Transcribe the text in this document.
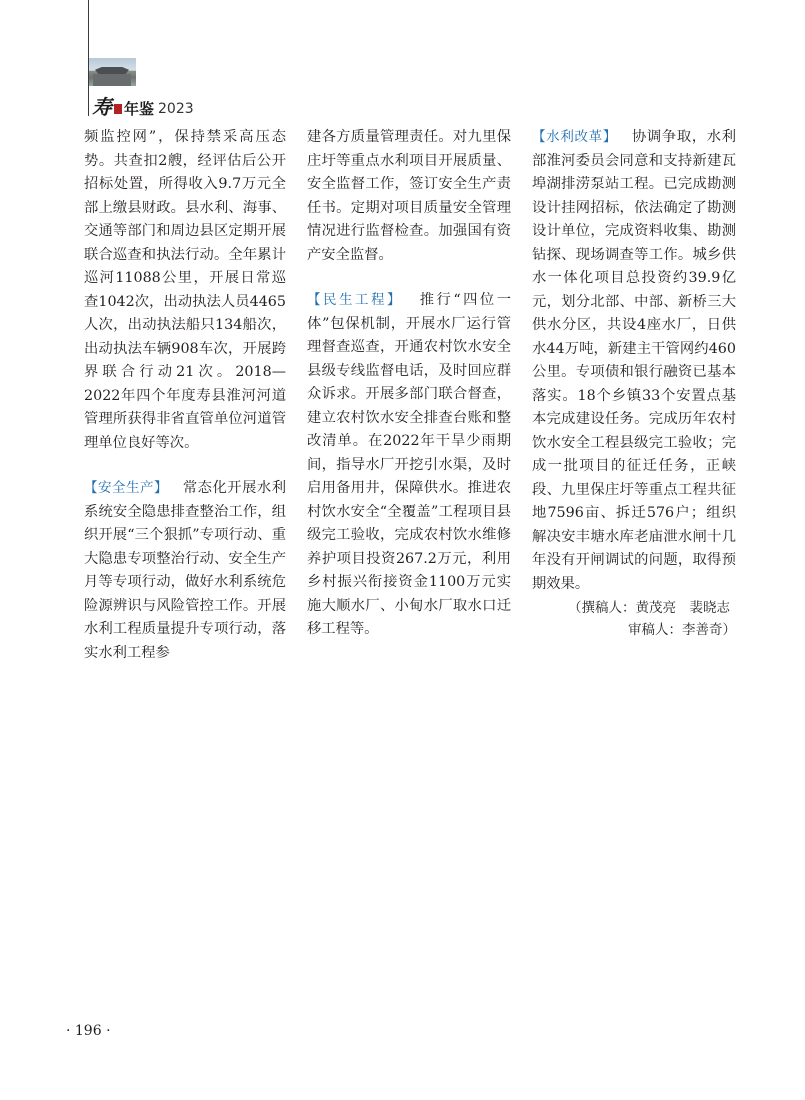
寿 年鉴 2023

频监控网”，保持禁采高压态势。共查扣2艘，经评估后公开招标处置，所得收入9.7万元全部上缴县财政。县水利、海事、交通等部门和周边县区定期开展联合巡查和执法行动。全年累计巡河11088公里，开展日常巡查1042次，出动执法人员4465人次，出动执法船只134船次，出动执法车辆908车次，开展跨界联合行动21次。2018—2022年四个年度寿县淮河河道管理所获得非省直管单位河道管理单位良好等次。

【安全生产】  常态化开展水利系统安全隐患排查整治工作，组织开展“三个狠抓”专项行动、重大隐患专项整治行动、安全生产月等专项行动，做好水利系统危险源辨识与风险管控工作。开展水利工程质量提升专项行动，落实水利工程参

建各方质量管理责任。对九里保庄圩等重点水利项目开展质量、安全监督工作，签订安全生产责任书。定期对项目质量安全管理情况进行监督检查。加强国有资产安全监督。

【民生工程】  推行“四位一体”包保机制，开展水厂运行管理督查巡查，开通农村饮水安全县级专线监督电话，及时回应群众诉求。开展多部门联合督查，建立农村饮水安全排查台账和整改清单。在2022年干旱少雨期间，指导水厂开挖引水渠，及时启用备用井，保障供水。推进农村饮水安全“全覆盖”工程项目县级完工验收，完成农村饮水维修养护项目投资267.2万元，利用乡村振兴衔接资金1100万元实施大顺水厂、小甸水厂取水口迁移工程等。

【水利改革】  协调争取，水利部淮河委员会同意和支持新建瓦埠湖排涝泵站工程。已完成勘测设计挂网招标，依法确定了勘测设计单位，完成资料收集、勘测钻探、现场调查等工作。城乡供水一体化项目总投资约39.9亿元，划分北部、中部、新桥三大供水分区，共设4座水厂，日供水44万吨，新建主干管网约460公里。专项债和银行融资已基本落实。18个乡镇33个安置点基本完成建设任务。完成历年农村饮水安全工程县级完工验收；完成一批项目的征迁任务，正峡段、九里保庄圩等重点工程共征地7596亩、拆迁576户；组织解决安丰塘水库老庙泄水闸十几年没有开闸调试的问题，取得预期效果。

（撰稿人：黄茂亮　裴晓志
审稿人：李善奇）
· 196 ·
